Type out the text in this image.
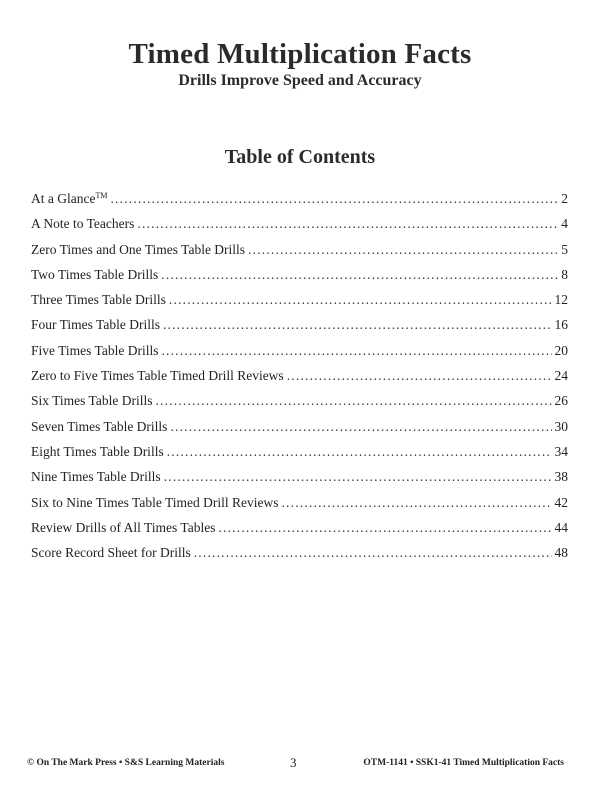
Timed Multiplication Facts
Drills Improve Speed and Accuracy
Table of Contents
At a Glance™ .....	2
A Note to Teachers .....	4
Zero Times and One Times Table Drills .....	5
Two Times Table Drills .....	8
Three Times Table Drills .....	12
Four Times Table Drills .....	16
Five Times Table Drills .....	20
Zero to Five Times Table Timed Drill Reviews .....	24
Six Times Table Drills .....	26
Seven Times Table Drills .....	30
Eight Times Table Drills .....	34
Nine Times Table Drills .....	38
Six to Nine Times Table Timed Drill Reviews .....	42
Review Drills of All Times Tables .....	44
Score Record Sheet for Drills .....	48
© On The Mark Press • S&S Learning Materials	3	OTM-1141 • SSK1-41 Timed Multiplication Facts
